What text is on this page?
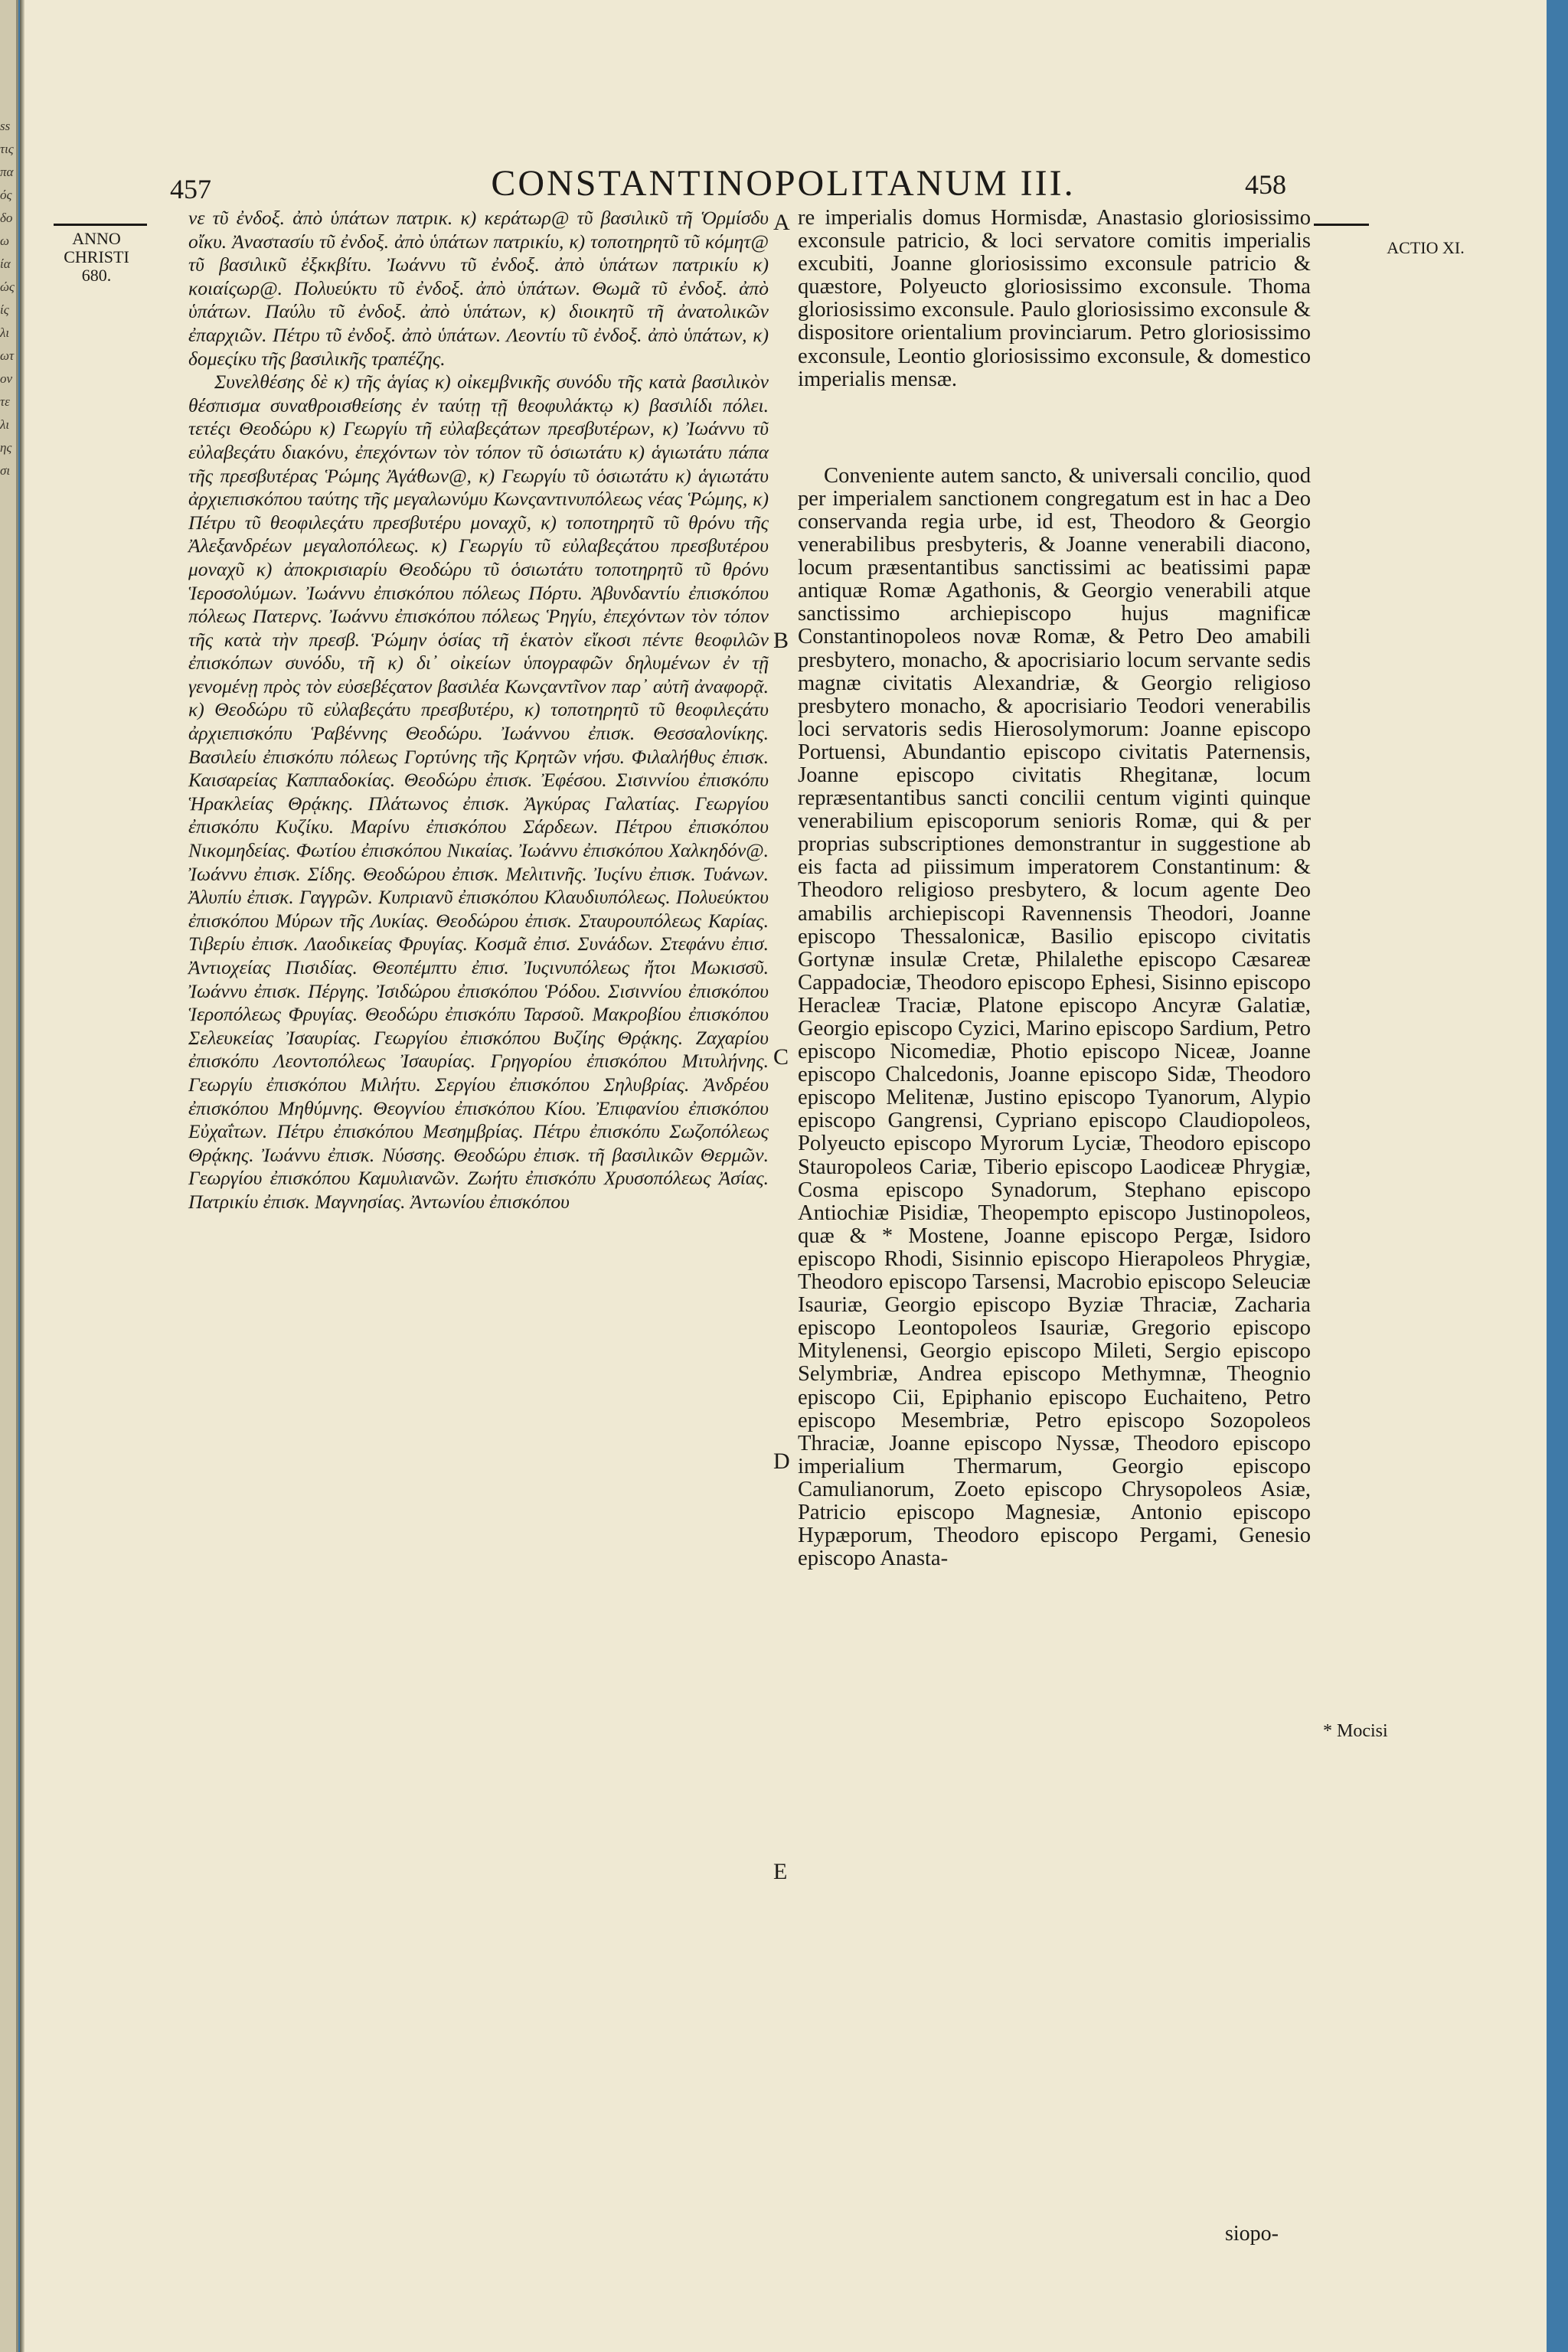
ss
τις
πα
ός
δο
ω
ία
ώς
ίς
λι
ωτ
ον
τε
λι
ης
σι
457	CONSTANTINOPOLITANUM III.	458
ANNO CHRISTI 680.
ACTIO XI.

νε τῦ ἐνδοξ. ἀπὸ ὑπάτων πατρικ. κ) κεράτωρ@ τῦ βασιλικῦ τῆ Ὁρμίσδυ οἴκυ. Ἀναστασίυ τῦ ἐνδοξ. ἀπὸ ὑπάτων πατρικίυ, κ) τοποτηρητῦ τῦ κόμητ@ τῦ βασιλικῦ ἐξκκβίτυ. Ἰωάννυ τῦ ἐνδοξ. ἀπὸ ὑπάτων πατρικίυ κ) κοιαίςωρ@. Πολυεύκτυ τῦ ἐνδοξ. ἀπὸ ὑπάτων. Θωμᾶ τῦ ἐνδοξ. ἀπὸ ὑπάτων. Παύλυ τῦ ἐνδοξ. ἀπὸ ὑπάτων, κ) διοικητῦ τῆ ἀνατολικῶν ἐπαρχιῶν. Πέτρυ τῦ ἐνδοξ. ἀπὸ ὑπάτων. Λεοντίυ τῦ ἐνδοξ. ἀπὸ ὑπάτων, κ) δομεςίκυ τῆς βασιλικῆς τραπέζης.

Συνελθέσης δὲ κ) τῆς ἁγίας κ) οἰκεμβνικῆς συνόδυ τῆς κατὰ βασιλικὸν θέσπισμα συναθροισθείσης ἐν ταύτῃ τῇ θεοφυλάκτῳ κ) βασιλίδι πόλει. τετέςι Θεοδώρυ κ) Γεωργίυ τῆ εὐλαβεςάτων πρεσβυτέρων, κ) Ἰωάννυ τῦ εὐλαβεςάτυ διακόνυ, ἐπεχόντων τὸν τόπον τῦ ὁσιωτάτυ κ) ἁγιωτάτυ πάπα τῆς πρεσβυτέρας Ῥώμης Ἀγάθων@, κ) Γεωργίυ τῦ ὁσιωτάτυ κ) ἁγιωτάτυ ἀρχιεπισκόπου ταύτης τῆς μεγαλωνύμυ Κωνςαντινυπόλεως νέας Ῥώμης, κ) Πέτρυ τῦ θεοφιλεςάτυ πρεσβυτέρυ μοναχῦ, κ) τοποτηρητῦ τῦ θρόνυ τῆς Ἀλεξανδρέων μεγαλοπόλεως. κ) Γεωργίυ τῦ εὐλαβεςάτου πρεσβυτέρου μοναχῦ κ) ἀποκρισιαρίυ Θεοδώρυ τῦ ὁσιωτάτυ τοποτηρητῦ τῦ θρόνυ Ἱεροσολύμων. Ἰωάννυ ἐπισκόπου πόλεως Πόρτυ. Ἀβυνδαντίυ ἐπισκόπου πόλεως Πατερνς. Ἰωάννυ ἐπισκόπου πόλεως Ῥηγίυ, ἐπεχόντων τὸν τόπον τῆς κατὰ τὴν πρεσβ. Ῥώμην ὁσίας τῆ ἑκατὸν εἴκοσι πέντε θεοφιλῶν ἐπισκόπων συνόδυ, τῆ κ) δι᾽ οἰκείων ὑπογραφῶν δηλυμένων ἐν τῇ γενομένῃ πρὸς τὸν εὐσεβέςατον βασιλέα Κωνςαντῖνον παρ᾽ αὐτῆ ἀναφορᾷ. κ) Θεοδώρυ τῦ εὐλαβεςάτυ πρεσβυτέρυ, κ) τοποτηρητῦ τῦ θεοφιλεςάτυ ἀρχιεπισκόπυ Ῥαβέννης Θεοδώρυ. Ἰωάννου ἐπισκ. Θεσσαλονίκης. Βασιλείυ ἐπισκόπυ πόλεως Γορτύνης τῆς Κρητῶν νήσυ. Φιλαλήθυς ἐπισκ. Καισαρείας Καππαδοκίας. Θεοδώρυ ἐπισκ. Ἐφέσου. Σισιννίου ἐπισκόπυ Ἡρακλείας Θρᾴκης. Πλάτωνος ἐπισκ. Ἀγκύρας Γαλατίας. Γεωργίου ἐπισκόπυ Κυζίκυ. Μαρίνυ ἐπισκόπου Σάρδεων. Πέτρου ἐπισκόπου Νικομηδείας. Φωτίου ἐπισκόπου Νικαίας. Ἰωάννυ ἐπισκόπου Χαλκηδόν@. Ἰωάννυ ἐπισκ. Σίδης. Θεοδώρου ἐπισκ. Μελιτινῆς. Ἰυςίνυ ἐπισκ. Τυάνων. Ἀλυπίυ ἐπισκ. Γαγγρῶν. Κυπριανῦ ἐπισκόπου Κλαυδιυπόλεως. Πολυεύκτου ἐπισκόπου Μύρων τῆς Λυκίας. Θεοδώρου ἐπισκ. Σταυρουπόλεως Καρίας. Τιβερίυ ἐπισκ. Λαοδικείας Φρυγίας. Κοσμᾶ ἐπισ. Συνάδων. Στεφάνυ ἐπισ. Ἀντιοχείας Πισιδίας. Θεοπέμπτυ ἐπισ. Ἰυςινυπόλεως ἤτοι Μωκισσῦ. Ἰωάννυ ἐπισκ. Πέργης. Ἰσιδώρου ἐπισκόπου Ῥόδου. Σισιννίου ἐπισκόπου Ἱεροπόλεως Φρυγίας. Θεοδώρυ ἐπισκόπυ Ταρσοῦ. Μακροβίου ἐπισκόπου Σελευκείας Ἰσαυρίας. Γεωργίου ἐπισκόπου Βυζίης Θρᾴκης. Ζαχαρίου ἐπισκόπυ Λεοντοπόλεως Ἰσαυρίας. Γρηγορίου ἐπισκόπου Μιτυλήνης. Γεωργίυ ἐπισκόπου Μιλήτυ. Σεργίου ἐπισκόπου Σηλυβρίας. Ἀνδρέου ἐπισκόπου Μηθύμνης. Θεογνίου ἐπισκόπου Κίου. Ἐπιφανίου ἐπισκόπου Εὐχαΐτων. Πέτρυ ἐπισκόπου Μεσημβρίας. Πέτρυ ἐπισκόπυ Σωζοπόλεως Θρᾴκης. Ἰωάννυ ἐπισκ. Νύσσης. Θεοδώρυ ἐπισκ. τῆ βασιλικῶν Θερμῶν. Γεωργίου ἐπισκόπου Καμυλιανῶν. Ζωήτυ ἐπισκόπυ Χρυσοπόλεως Ἀσίας. Πατρικίυ ἐπισκ. Μαγνησίας. Ἀντωνίου ἐπισκόπου

A
B
C
D
E

re imperialis domus Hormisdæ, Anastasio gloriosissimo exconsule patricio, & loci servatore comitis imperialis excubiti, Joanne gloriosissimo exconsule patricio & quæstore, Polyeucto gloriosissimo exconsule. Thoma gloriosissimo exconsule. Paulo gloriosissimo exconsule & dispositore orientalium provinciarum. Petro gloriosissimo exconsule, Leontio gloriosissimo exconsule, & domestico imperialis mensæ.

Conveniente autem sancto, & universali concilio, quod per imperialem sanctionem congregatum est in hac a Deo conservanda regia urbe, id est, Theodoro & Georgio venerabilibus presbyteris, & Joanne venerabili diacono, locum præsentantibus sanctissimi ac beatissimi papæ antiquæ Romæ Agathonis, & Georgio venerabili atque sanctissimo archiepiscopo hujus magnificæ Constantinopoleos novæ Romæ, & Petro Deo amabili presbytero, monacho, & apocrisiario locum servante sedis magnæ civitatis Alexandriæ, & Georgio religioso presbytero monacho, & apocrisiario Teodori venerabilis loci servatoris sedis Hierosolymorum: Joanne episcopo Portuensi, Abundantio episcopo civitatis Paternensis, Joanne episcopo civitatis Rhegitanæ, locum repræsentantibus sancti concilii centum viginti quinque venerabilium episcoporum senioris Romæ, qui & per proprias subscriptiones demonstrantur in suggestione ab eis facta ad piissimum imperatorem Constantinum: & Theodoro religioso presbytero, & locum agente Deo amabilis archiepiscopi Ravennensis Theodori, Joanne episcopo Thessalonicæ, Basilio episcopo civitatis Gortynæ insulæ Cretæ, Philalethe episcopo Cæsareæ Cappadociæ, Theodoro episcopo Ephesi, Sisinno episcopo Heracleæ Traciæ, Platone episcopo Ancyræ Galatiæ, Georgio episcopo Cyzici, Marino episcopo Sardium, Petro episcopo Nicomediæ, Photio episcopo Niceæ, Joanne episcopo Chalcedonis, Joanne episcopo Sidæ, Theodoro episcopo Melitenæ, Justino episcopo Tyanorum, Alypio episcopo Gangrensi, Cypriano episcopo Claudiopoleos, Polyeucto episcopo Myrorum Lyciæ, Theodoro episcopo Stauropoleos Cariæ, Tiberio episcopo Laodiceæ Phrygiæ, Cosma episcopo Synadorum, Stephano episcopo Antiochiæ Pisidiæ, Theopempto episcopo Justinopoleos, quæ & * Mostene, Joanne episcopo Pergæ, Isidoro episcopo Rhodi, Sisinnio episcopo Hierapoleos Phrygiæ, Theodoro episcopo Tarsensi, Macrobio episcopo Seleuciæ Isauriæ, Georgio episcopo Byziæ Thraciæ, Zacharia episcopo Leontopoleos Isauriæ, Gregorio episcopo Mitylenensi, Georgio episcopo Mileti, Sergio episcopo Selymbriæ, Andrea episcopo Methymnæ, Theognio episcopo Cii, Epiphanio episcopo Euchaiteno, Petro episcopo Mesembriæ, Petro episcopo Sozopoleos Thraciæ, Joanne episcopo Nyssæ, Theodoro episcopo imperialium Thermarum, Georgio episcopo Camulianorum, Zoeto episcopo Chrysopoleos Asiæ, Patricio episcopo Magnesiæ, Antonio episcopo Hypæporum, Theodoro episcopo Pergami, Genesio episcopo Anasta-

* Mocisi
siopo-
